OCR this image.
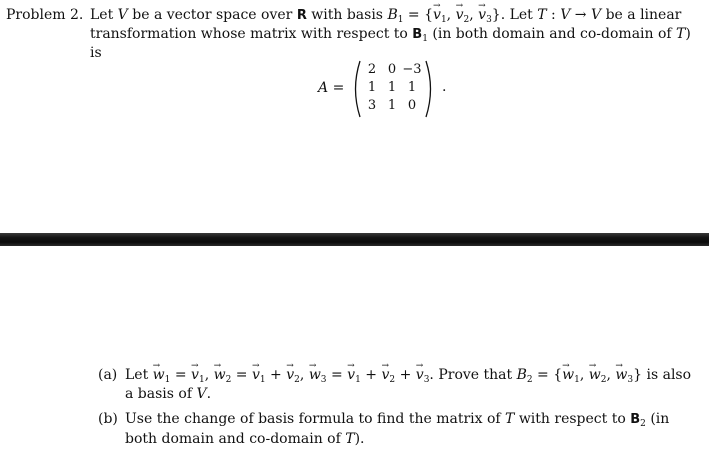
Problem 2. Let V be a vector space over R with basis $B_1$ = {→ $v_1$, → $v_2$, → $v_3$}. Let T : V → V be a linear
transformation whose matrix with respect to $B_1$ (in both domain and co-domain of T)
is
A =
2 0 −3
1 1 1
3 1 0
.
(a) Let → $w_1$ = → $v_1$, → $w_2$ = → $v_1$ + → $v_2$, → $w_3$ = → $v_1$ + → $v_2$ + → $v_3$. Prove that $B_2$ = {→ $w_1$, → $w_2$, → $w_3$} is also
a basis of V.
(b) Use the change of basis formula to find the matrix of T with respect to $B_2$ (in
both domain and co-domain of T).
